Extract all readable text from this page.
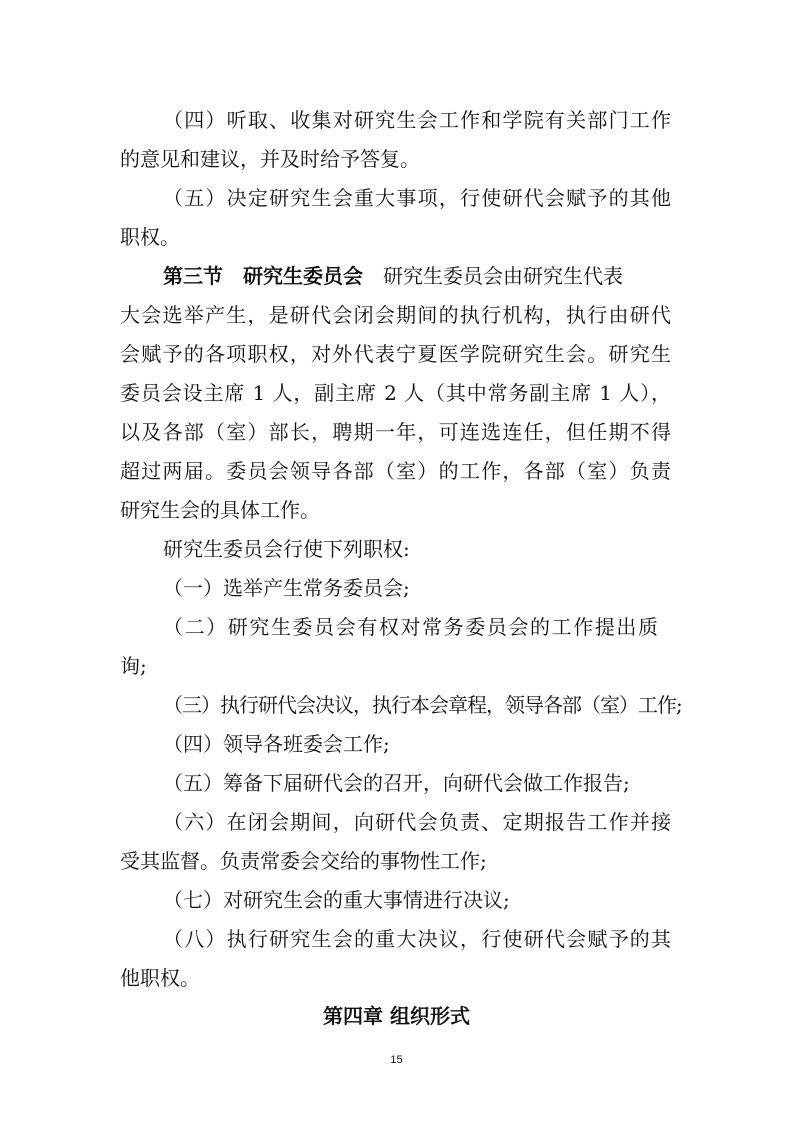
（四）听取、收集对研究生会工作和学院有关部门工作
的意见和建议，并及时给予答复。
（五）决定研究生会重大事项，行使研代会赋予的其他
职权。
第三节　研究生委员会　研究生委员会由研究生代表
大会选举产生，是研代会闭会期间的执行机构，执行由研代
会赋予的各项职权，对外代表宁夏医学院研究生会。研究生
委员会设主席 1 人，副主席 2 人（其中常务副主席 1 人），
以及各部（室）部长，聘期一年，可连选连任，但任期不得
超过两届。委员会领导各部（室）的工作，各部（室）负责
研究生会的具体工作。
研究生委员会行使下列职权:
（一）选举产生常务委员会;
（二）研究生委员会有权对常务委员会的工作提出质
询;
（三）执行研代会决议，执行本会章程，领导各部（室）工作;
（四）领导各班委会工作;
（五）筹备下届研代会的召开，向研代会做工作报告;
（六）在闭会期间，向研代会负责、定期报告工作并接
受其监督。负责常委会交给的事物性工作;
（七）对研究生会的重大事情进行决议;
（八）执行研究生会的重大决议，行使研代会赋予的其
他职权。
第四章 组织形式
15
